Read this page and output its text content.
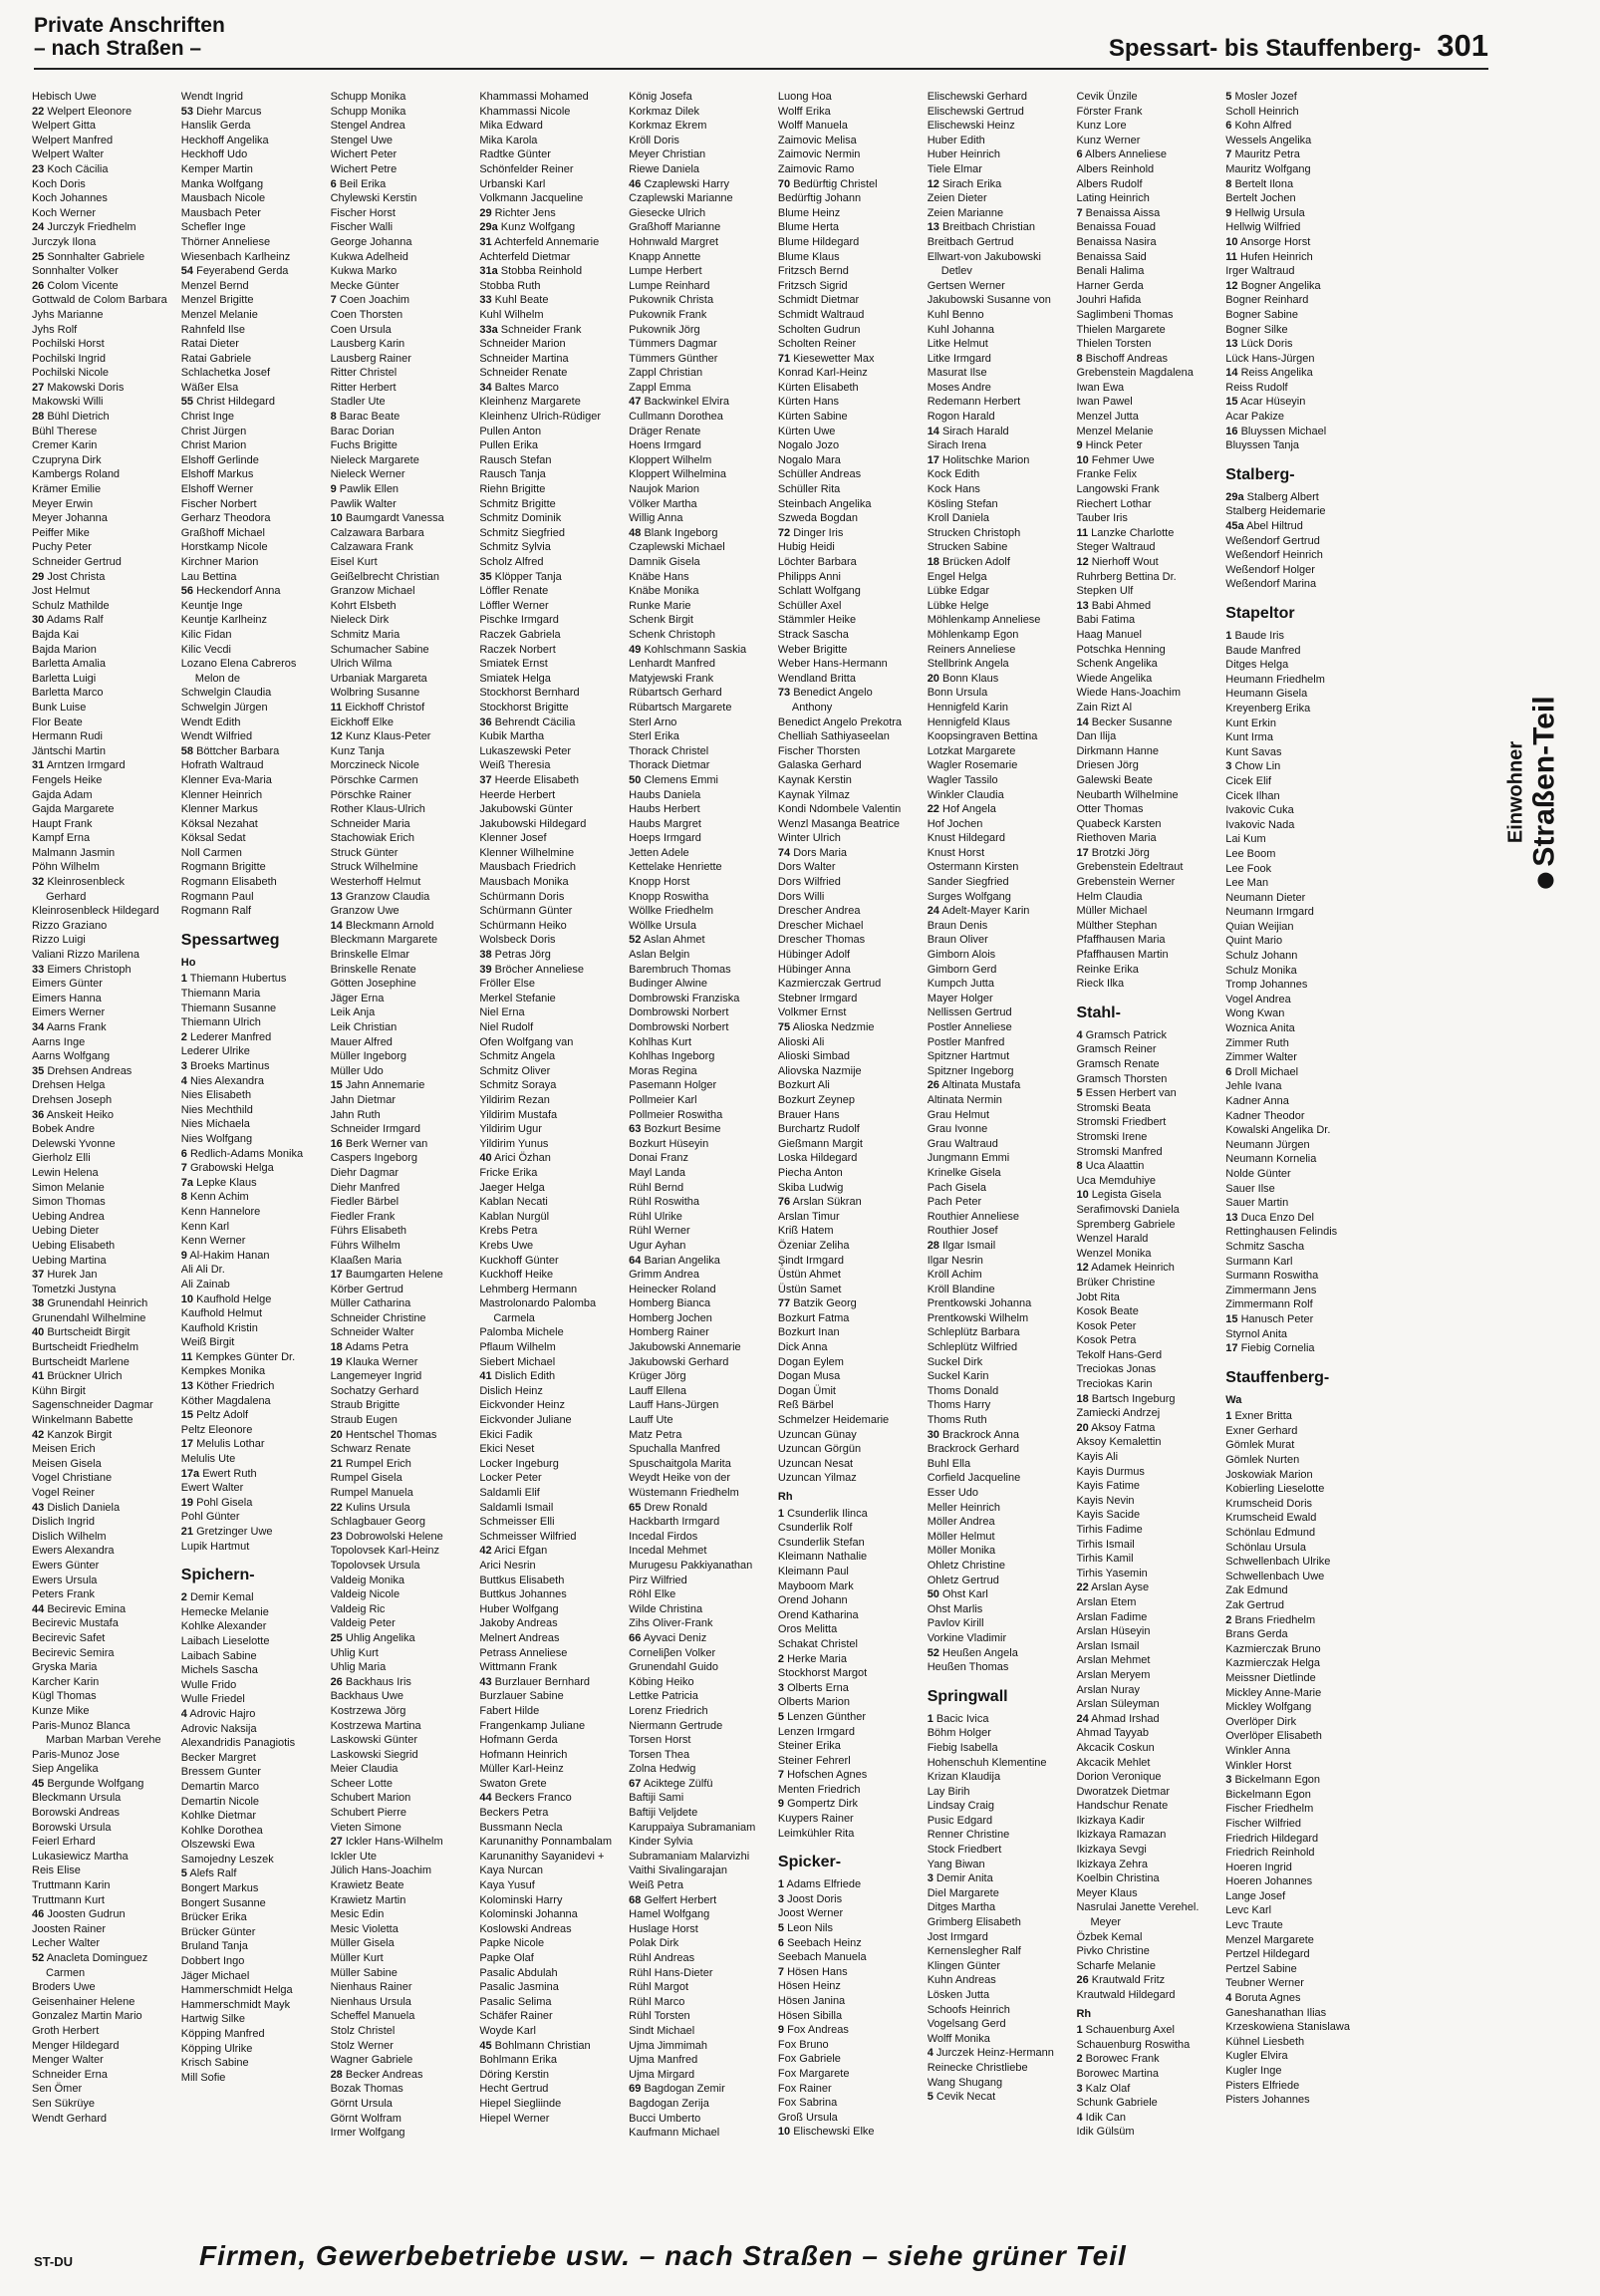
Private Anschriften
– nach Straßen –	Spessart- bis Stauffenberg- 301
Hebisch Uwe
22 Welpert Eleonore
Welpert Gitta
Welpert Manfred
Welpert Walter
23 Koch Cäcilia
Koch Doris
Koch Johannes
Koch Werner
24 Jurczyk Friedhelm
Jurczyk Ilona
25 Sonnhalter Gabriele
Sonnhalter Volker
26 Colom Vicente
Gottwald de Colom Barbara
Jyhs Marianne
Jyhs Rolf
Pochilski Horst
Pochilski Ingrid
Pochilski Nicole
27 Makowski Doris
Makowski Willi
28 Bühl Dietrich
Bühl Therese
Cremer Karin
Czupryna Dirk
Kambergs Roland
Krämer Emilie
Meyer Erwin
Meyer Johanna
Peiffer Mike
Puchy Peter
Schneider Gertrud
29 Jost Christa
Jost Helmut
Schulz Mathilde
30 Adams Ralf
Bajda Kai
Bajda Marion
Barletta Amalia
Barletta Luigi
Barletta Marco
Bunk Luise
Flor Beate
Hermann Rudi
Jäntschi Martin
31 Arntzen Irmgard
Fengels Heike
Gajda Adam
Gajda Margarete
Haupt Frank
Kampf Erna
Malmann Jasmin
Pöhn Wilhelm
32 Kleinrosenbleck
Gerhard
Kleinrosenbleck Hildegard
Rizzo Graziano
Rizzo Luigi
Valiani Rizzo Marilena
33 Eimers Christoph
Eimers Günter
Eimers Hanna
Eimers Werner
34 Aarns Frank
Aarns Inge
Aarns Wolfgang
35 Drehsen Andreas
Drehsen Helga
Drehsen Joseph
36 Anskeit Heiko
Bobek Andre
Delewski Yvonne
Gierholz Elli
Lewin Helena
Simon Melanie
Simon Thomas
Uebing Andrea
Uebing Dieter
Uebing Elisabeth
Uebing Martina
37 Hurek Jan
Tometzki Justyna
38 Grunendahl Heinrich
Grunendahl Wilhelmine
40 Burtscheidt Birgit
Burtscheidt Friedhelm
Burtscheidt Marlene
41 Brückner Ulrich
Kühn Birgit
Sagenschneider Dagmar
Winkelmann Babette
42 Kanzok Birgit
Meisen Erich
Meisen Gisela
Vogel Christiane
Vogel Reiner
43 Dislich Daniela
Dislich Ingrid
Dislich Wilhelm
Ewers Alexandra
Ewers Günter
Ewers Ursula
Peters Frank
44 Becirevic Emina
Becirevic Mustafa
Becirevic Safet
Becirevic Semira
Gryska Maria
Karcher Karin
Kügl Thomas
Kunze Mike
Paris-Munoz Blanca
Marban Marban Verehe
Paris-Munoz Jose
Siep Angelika
45 Bergunde Wolfgang
Bleckmann Ursula
Borowski Andreas
Borowski Ursula
Feierl Erhard
Lukasiewicz Martha
Reis Elise
Truttmann Karin
Truttmann Kurt
46 Joosten Gudrun
Joosten Rainer
Lecher Walter
52 Anacleta Dominguez
Carmen
Broders Uwe
Geisenhainer Helene
Gonzalez Martin Mario
Groth Herbert
Menger Hildegard
Menger Walter
Schneider Erna
Sen Ömer
Sen Sükrüye
Wendt Gerhard
Wendt Ingrid
53 Diehr Marcus
Hanslik Gerda
Heckhoff Angelika
Heckhoff Udo
Kemper Martin
Manka Wolfgang
Mausbach Nicole
Mausbach Peter
Schefler Inge
Thörner Anneliese
Wiesenbach Karlheinz
54 Feyerabend Gerda
Menzel Bernd
Menzel Brigitte
Menzel Melanie
Rahnfeld Ilse
Ratai Dieter
Ratai Gabriele
Schlachetka Josef
Wäßer Elsa
55 Christ Hildegard
Christ Inge
Christ Jürgen
Christ Marion
Elshoff Gerlinde
Elshoff Markus
Elshoff Werner
Fischer Norbert
Gerharz Theodora
Graßhoff Michael
Horstkamp Nicole
Kirchner Marion
Lau Bettina
56 Heckendorf Anna
Keuntje Inge
Keuntje Karlheinz
Kilic Fidan
Kilic Vecdi
Lozano Elena Cabreros
Melon de
Schwelgin Claudia
Schwelgin Jürgen
Wendt Edith
Wendt Wilfried
58 Böttcher Barbara
Hofrath Waltraud
Klenner Eva-Maria
Klenner Heinrich
Klenner Markus
Köksal Nezahat
Köksal Sedat
Noll Carmen
Rogmann Brigitte
Rogmann Elisabeth
Rogmann Paul
Rogmann Ralf
Spessartweg
Ho
1 Thiemann Hubertus
Thiemann Maria
Thiemann Susanne
Thiemann Ulrich
2 Lederer Manfred
Lederer Ulrike
3 Broeks Martinus
4 Nies Alexandra
Nies Elisabeth
Nies Mechthild
Nies Michaela
Nies Wolfgang
6 Redlich-Adams Monika
7 Grabowski Helga
7a Lepke Klaus
8 Kenn Achim
Kenn Hannelore
Kenn Karl
Kenn Werner
9 Al-Hakim Hanan
Ali Ali Dr.
Ali Zainab
10 Kaufhold Helge
Kaufhold Helmut
Kaufhold Kristin
Weiß Birgit
11 Kempkes Günter Dr.
Kempkes Monika
13 Köther Friedrich
Köther Magdalena
15 Peltz Adolf
Peltz Eleonore
17 Melulis Lothar
Melulis Ute
17a Ewert Ruth
Ewert Walter
19 Pohl Gisela
Pohl Günter
21 Gretzinger Uwe
Lupik Hartmut
Spichern-
2 Demir Kemal
Hemecke Melanie
Kohlke Alexander
Laibach Lieselotte
Laibach Sabine
Michels Sascha
Wulle Frido
Wulle Friedel
4 Adrovic Hajro
Adrovic Naksija
Alexandridis Panagiotis
Becker Margret
Bressem Gunter
Demartin Marco
Demartin Nicole
Kohlke Dietmar
Kohlke Dorothea
Olszewski Ewa
Samojedny Leszek
5 Alefs Ralf
Bongert Markus
Bongert Susanne
Brücker Erika
Brücker Günter
Bruland Tanja
Dobbert Ingo
Jäger Michael
Hammerschmidt Helga
Hammerschmidt Mayk
Hartwig Silke
Köpping Manfred
Köpping Ulrike
Krisch Sabine
Mill Sofie
Schupp Monika
Schupp Monika
Stengel Andrea
Stengel Uwe
Wichert Peter
Wichert Petre
6 Beil Erika
Chylewski Kerstin
Fischer Horst
Fischer Walli
George Johanna
Kukwa Adelheid
Kukwa Marko
Mecke Günter
7 Coen Joachim
Coen Thorsten
Coen Ursula
Lausberg Karin
Lausberg Rainer
Ritter Christel
Ritter Herbert
Stadler Ute
8 Barac Beate
Barac Dorian
Fuchs Brigitte
Nieleck Margarete
Nieleck Werner
9 Pawlik Ellen
Pawlik Walter
10 Baumgardt Vanessa
Calzawara Barbara
Calzawara Frank
Eisel Kurt
Geißelbrecht Christian
Granzow Michael
Kohrt Elsbeth
Nieleck Dirk
Schmitz Maria
Schumacher Sabine
Ulrich Wilma
Urbaniak Margareta
Wolbring Susanne
11 Eickhoff Christof
Eickhoff Elke
12 Kunz Klaus-Peter
Kunz Tanja
Morczineck Nicole
Pörschke Carmen
Pörschke Rainer
Rother Klaus-Ulrich
Schneider Maria
Stachowiak Erich
Struck Günter
Struck Wilhelmine
Westerhoff Helmut
13 Granzow Claudia
Granzow Uwe
14 Bleckmann Arnold
Bleckmann Margarete
Brinskelle Elmar
Brinskelle Renate
Götten Josephine
Jäger Erna
Leik Anja
Leik Christian
Mauer Alfred
Müller Ingeborg
Müller Udo
15 Jahn Annemarie
Jahn Dietmar
Jahn Ruth
Schneider Irmgard
16 Berk Werner van
Caspers Ingeborg
Diehr Dagmar
Diehr Manfred
Fiedler Bärbel
Fiedler Frank
Führs Elisabeth
Führs Wilhelm
Klaaßen Maria
17 Baumgarten Helene
Körber Gertrud
Müller Catharina
Schneider Christine
Schneider Walter
18 Adams Petra
19 Klauka Werner
Langemeyer Ingrid
Sochatzy Gerhard
Straub Brigitte
Straub Eugen
20 Hentschel Thomas
Schwarz Renate
21 Rumpel Erich
Rumpel Gisela
Rumpel Manuela
22 Kulins Ursula
Schlagbauer Georg
23 Dobrowolski Helene
Topolovsek Karl-Heinz
Topolovsek Ursula
Valdeig Monika
Valdeig Nicole
Valdeig Ric
Valdeig Peter
25 Uhlig Angelika
Uhlig Kurt
Uhlig Maria
26 Backhaus Iris
Backhaus Uwe
Kostrzewa Jörg
Kostrzewa Martina
Laskowski Günter
Laskowski Siegrid
Meier Claudia
Scheer Lotte
Schubert Marion
Schubert Pierre
Vieten Simone
27 Ickler Hans-Wilhelm
Ickler Ute
Jülich Hans-Joachim
Krawietz Beate
Krawietz Martin
Mesic Edin
Mesic Violetta
Müller Gisela
Müller Kurt
Müller Sabine
Nienhaus Rainer
Nienhaus Ursula
Scheffel Manuela
Stolz Christel
Stolz Werner
Wagner Gabriele
28 Becker Andreas
Bozak Thomas
Görnt Ursula
Görnt Wolfram
Irmer Wolfgang
Khammassi Mohamed
Khammassi Nicole
Mika Edward
Mika Karola
Radtke Günter
Schönfelder Reiner
Urbanski Karl
Volkmann Jacqueline
29 Richter Jens
29a Kunz Wolfgang
31 Achterfeld Annemarie
Achterfeld Dietmar
31a Stobba Reinhold
Stobba Ruth
33 Kuhl Beate
Kuhl Wilhelm
33a Schneider Frank
Schneider Marion
Schneider Martina
Schneider Renate
34 Baltes Marco
Kleinhenz Margarete
Kleinhenz Ulrich-Rüdiger
Pullen Anton
Pullen Erika
Rausch Stefan
Rausch Tanja
Riehn Brigitte
Schmitz Brigitte
Schmitz Dominik
Schmitz Siegfried
Schmitz Sylvia
Scholz Alfred
35 Klöpper Tanja
Löffler Renate
Löffler Werner
Pischke Irmgard
Raczek Gabriela
Raczek Norbert
Smiatek Ernst
Smiatek Helga
Stockhorst Bernhard
Stockhorst Brigitte
36 Behrendt Cäcilia
Kubik Martha
Lukaszewski Peter
Weiß Theresia
37 Heerde Elisabeth
Heerde Herbert
Jakubowski Günter
Jakubowski Hildegard
Klenner Josef
Klenner Wilhelmine
Mausbach Friedrich
Mausbach Monika
Schürmann Doris
Schürmann Günter
Schürmann Heiko
Wolsbeck Doris
38 Petras Jörg
39 Bröcher Anneliese
Fröller Else
Merkel Stefanie
Niel Erna
Niel Rudolf
Ofen Wolfgang van
Schmitz Angela
Schmitz Oliver
Schmitz Soraya
Yildirim Rezan
Yildirim Mustafa
Yildirim Ugur
Yildirim Yunus
40 Arici Özhan
Fricke Erika
Jaeger Helga
Kablan Necati
Kablan Nurgül
Krebs Petra
Krebs Uwe
Kuckhoff Günter
Kuckhoff Heike
Lehmberg Hermann
Mastrolonardo Palomba
Carmela
Palomba Michele
Pflaum Wilhelm
Siebert Michael
41 Dislich Edith
Dislich Heinz
Eickvonder Heinz
Eickvonder Juliane
Ekici Fadik
Ekici Neset
Locker Ingeburg
Locker Peter
Saldamli Elif
Saldamli Ismail
Schmeisser Elli
Schmeisser Wilfried
42 Arici Efgan
Arici Nesrin
Buttkus Elisabeth
Buttkus Johannes
Huber Wolfgang
Jakoby Andreas
Melnert Andreas
Petrass Anneliese
Wittmann Frank
43 Burzlauer Bernhard
Burzlauer Sabine
Fabert Hilde
Frangenkamp Juliane
Hofmann Gerda
Hofmann Heinrich
Müller Karl-Heinz
Swaton Grete
44 Beckers Franco
Beckers Petra
Bussmann Necla
Karunanithy Ponnambalam
Karunanithy Sayanidevi +
Kaya Nurcan
Kaya Yusuf
Kolominski Harry
Kolominski Johanna
Koslowski Andreas
Papke Nicole
Papke Olaf
Pasalic Abdulah
Pasalic Jasmina
Pasalic Selima
Schäfer Rainer
Woyde Karl
45 Bohlmann Christian
Bohlmann Erika
Döring Kerstin
Hecht Gertrud
Hiepel Siegliinde
Hiepel Werner
König Josefa
Korkmaz Dilek
Korkmaz Ekrem
Kröll Doris
Meyer Christian
Riewe Daniela
46 Czaplewski Harry
Czaplewski Marianne
Giesecke Ulrich
Graßhoff Marianne
Hohnwald Margret
Knapp Annette
Lumpe Herbert
Lumpe Reinhard
Pukownik Christa
Pukownik Frank
Pukownik Jörg
Tümmers Dagmar
Tümmers Günther
Zappl Christian
Zappl Emma
47 Backwinkel Elvira
Cullmann Dorothea
Dräger Renate
Hoens Irmgard
Kloppert Wilhelm
Kloppert Wilhelmina
Naujok Marion
Völker Martha
Willig Anna
48 Blank Ingeborg
Czaplewski Michael
Damnik Gisela
Knäbe Hans
Knäbe Monika
Runke Marie
Schenk Birgit
Schenk Christoph
49 Kohlschmann Saskia
Lenhardt Manfred
Matyjewski Frank
Rübartsch Gerhard
Rübartsch Margarete
Sterl Arno
Sterl Erika
Thorack Christel
Thorack Dietmar
50 Clemens Emmi
Haubs Daniela
Haubs Herbert
Haubs Margret
Hoeps Irmgard
Jetten Adele
Kettelake Henriette
Knopp Horst
Knopp Roswitha
Wöllke Friedhelm
Wöllke Ursula
52 Aslan Ahmet
Aslan Belgin
Barembruch Thomas
Budinger Alwine
Dombrowski Franziska
Dombrowski Norbert
Dombrowski Norbert
Kohlhas Kurt
Kohlhas Ingeborg
Moras Regina
Pasemann Holger
Pollmeier Karl
Pollmeier Roswitha
63 Bozkurt Besime
Bozkurt Hüseyin
Donai Franz
Mayl Landa
Rühl Bernd
Rühl Roswitha
Rühl Ulrike
Rühl Werner
Ugur Ayhan
64 Barian Angelika
Grimm Andrea
Heinecker Roland
Homberg Bianca
Homberg Jochen
Homberg Rainer
Jakubowski Annemarie
Jakubowski Gerhard
Krüger Jörg
Lauff Ellena
Lauff Hans-Jürgen
Lauff Ute
Matz Petra
Spuchalla Manfred
Spuschaitgola Marita
Weydt Heike von der
Wüstemann Friedhelm
65 Drew Ronald
Hackbarth Irmgard
Incedal Firdos
Incedal Mehmet
Murugesu Pakkiyanathan
Pirz Wilfried
Röhl Elke
Wilde Christina
Zihs Oliver-Frank
66 Ayvaci Deniz
Corneliβen Volker
Grunendahl Guido
Köbing Heiko
Lettke Patricia
Lorenz Friedrich
Niermann Gertrude
Torsen Horst
Torsen Thea
Zolna Hedwig
67 Aciktege Zülfü
Baftiji Sami
Baftiji Veljdete
Karuppaiya Subramaniam
Kinder Sylvia
Subramaniam Malarvizhi
Vaithi Sivalingarajan
Weiß Petra
68 Gelfert Herbert
Hamel Wolfgang
Huslage Horst
Polak Dirk
Rühl Andreas
Rühl Hans-Dieter
Rühl Margot
Rühl Marco
Rühl Torsten
Sindt Michael
Ujma Jimmimah
Ujma Manfred
Ujma Mirgard
69 Bagdogan Zemir
Bagdogan Zerija
Bucci Umberto
Kaufmann Michael
Luong Hoa
Wolff Erika
Wolff Manuela
Zaimovic Melisa
Zaimovic Nermin
Zaimovic Ramo
70 Bedürftig Christel
Bedürftig Johann
Blume Heinz
Blume Herta
Blume Hildegard
Blume Klaus
Fritzsch Bernd
Fritzsch Sigrid
Schmidt Dietmar
Schmidt Waltraud
Scholten Gudrun
Scholten Reiner
71 Kiesewetter Max
Konrad Karl-Heinz
Kürten Elisabeth
Kürten Hans
Kürten Sabine
Kürten Uwe
Nogalo Jozo
Nogalo Mara
Schüller Andreas
Schüller Rita
Steinbach Angelika
Szweda Bogdan
72 Dinger Iris
Hubig Heidi
Löchter Barbara
Philipps Anni
Schlatt Wolfgang
Schüller Axel
Stämmler Heike
Strack Sascha
Weber Brigitte
Weber Hans-Hermann
Wendland Britta
73 Benedict Angelo
Anthony
Benedict Angelo Prekotra
Chelliah Sathiyaseelan
Fischer Thorsten
Galaska Gerhard
Kaynak Kerstin
Kaynak Yilmaz
Kondi Ndombele Valentin
Wenzl Masanga Beatrice
Winter Ulrich
74 Dors Maria
Dors Walter
Dors Wilfried
Dors Willi
Drescher Andrea
Drescher Michael
Drescher Thomas
Hübinger Adolf
Hübinger Anna
Kazmierczak Gertrud
Stebner Irmgard
Volkmer Ernst
75 Alioska Nedzmie
Alioski Ali
Alioski Simbad
Aliovska Nazmije
Bozkurt Ali
Bozkurt Zeynep
Brauer Hans
Burchartz Rudolf
Gießmann Margit
Loska Hildegard
Piecha Anton
Skiba Ludwig
76 Arslan Sükran
Arslan Timur
Kriß Hatem
Özeniar Zeliha
Şindt Irmgard
Üstün Ahmet
Üstün Samet
77 Batzik Georg
Bozkurt Fatma
Bozkurt Inan
Dick Anna
Dogan Eylem
Dogan Musa
Dogan Ümit
Reß Bärbel
Schmelzer Heidemarie
Uzuncan Günay
Uzuncan Görgün
Uzuncan Nesat
Uzuncan Yilmaz
Rh
1 Csunderlik Ilinca
Csunderlik Rolf
Csunderlik Stefan
Kleimann Nathalie
Kleimann Paul
Mayboom Mark
Orend Johann
Orend Katharina
Oros Melitta
Schakat Christel
2 Herke Maria
Stockhorst Margot
3 Olberts Erna
Olberts Marion
5 Lenzen Günther
Lenzen Irmgard
Steiner Erika
Steiner Fehrerl
7 Hofschen Agnes
Menten Friedrich
9 Gompertz Dirk
Kuypers Rainer
Leimkühler Rita
Spicker-
1 Adams Elfriede
3 Joost Doris
Joost Werner
5 Leon Nils
6 Seebach Heinz
Seebach Manuela
7 Hösen Hans
Hösen Heinz
Hösen Janina
Hösen Sibilla
9 Fox Andreas
Fox Bruno
Fox Gabriele
Fox Margarete
Fox Rainer
Fox Sabrina
Groß Ursula
10 Elischewski Elke
Elischewski Gerhard
Elischewski Gertrud
Elischewski Heinz
Huber Edith
Huber Heinrich
Tiele Elmar
12 Sirach Erika
Zeien Dieter
Zeien Marianne
13 Breitbach Christian
Breitbach Gertrud
Ellwart-von Jakubowski
Detlev
Gertsen Werner
Jakubowski Susanne von
Kuhl Benno
Kuhl Johanna
Litke Helmut
Litke Irmgard
Masurat Ilse
Moses Andre
Redemann Herbert
Rogon Harald
14 Sirach Harald
Sirach Irena
17 Holitschke Marion
Kock Edith
Kock Hans
Kösling Stefan
Kroll Daniela
Strucken Christoph
Strucken Sabine
18 Brücken Adolf
Engel Helga
Lübke Edgar
Lübke Helge
Möhlenkamp Anneliese
Möhlenkamp Egon
Reiners Anneliese
Stellbrink Angela
20 Bonn Klaus
Bonn Ursula
Hennigfeld Karin
Hennigfeld Klaus
Koopsingraven Bettina
Lotzkat Margarete
Wagler Rosemarie
Wagler Tassilo
Winkler Claudia
22 Hof Angela
Hof Jochen
Knust Hildegard
Knust Horst
Ostermann Kirsten
Sander Siegfried
Surges Wolfgang
24 Adelt-Mayer Karin
Braun Denis
Braun Oliver
Gimborn Alois
Gimborn Gerd
Kumpch Jutta
Mayer Holger
Nellissen Gertrud
Postler Anneliese
Postler Manfred
Spitzner Hartmut
Spitzner Ingeborg
26 Altinata Mustafa
Altinata Nermin
Grau Helmut
Grau Ivonne
Grau Waltraud
Jungmann Emmi
Krinelke Gisela
Pach Gisela
Pach Peter
Routhier Anneliese
Routhier Josef
28 Ilgar Ismail
Ilgar Nesrin
Kröll Achim
Kröll Blandine
Prentkowski Johanna
Prentkowski Wilhelm
Schleplütz Barbara
Schleplütz Wilfried
Suckel Dirk
Suckel Karin
Thoms Donald
Thoms Harry
Thoms Ruth
30 Brackrock Anna
Brackrock Gerhard
Buhl Ella
Corfield Jacqueline
Esser Udo
Meller Heinrich
Möller Andrea
Möller Helmut
Möller Monika
Ohletz Christine
Ohletz Gertrud
50 Ohst Karl
Ohst Marlis
Pavlov Kirill
Vorkine Vladimir
52 Heußen Angela
Heußen Thomas
Springwall
1 Bacic Ivica
Böhm Holger
Fiebig Isabella
Hohenschuh Klementine
Krizan Klaudija
Lay Birih
Lindsay Craig
Pusic Edgard
Renner Christine
Stock Friedbert
Yang Biwan
3 Demir Anita
Diel Margarete
Ditges Martha
Grimberg Elisabeth
Jost Irmgard
Kernenslegher Ralf
Klingen Günter
Kuhn Andreas
Lösken Jutta
Schoofs Heinrich
Vogelsang Gerd
Wolff Monika
4 Jurczek Heinz-Hermann
Reinecke Christliebe
Wang Shugang
5 Cevik Necat
Cevik Ünzile
Förster Frank
Kunz Lore
Kunz Werner
6 Albers Anneliese
Albers Reinhold
Albers Rudolf
Lating Heinrich
7 Benaissa Aissa
Benaissa Fouad
Benaissa Nasira
Benaissa Said
Benali Halima
Harner Gerda
Jouhri Hafida
Saglimbeni Thomas
Thielen Margarete
Thielen Torsten
8 Bischoff Andreas
Grebenstein Magdalena
Iwan Ewa
Iwan Pawel
Menzel Jutta
Menzel Melanie
9 Hinck Peter
10 Fehmer Uwe
Franke Felix
Langowski Frank
Riechert Lothar
Tauber Iris
11 Lanzke Charlotte
Steger Waltraud
12 Nierhoff Wout
Ruhrberg Bettina Dr.
Stepken Ulf
13 Babi Ahmed
Babi Fatima
Haag Manuel
Potschka Henning
Schenk Angelika
Wiede Angelika
Wiede Hans-Joachim
Zain Rizt Al
14 Becker Susanne
Dan Ilija
Dirkmann Hanne
Driesen Jörg
Galewski Beate
Neubarth Wilhelmine
Otter Thomas
Quabeck Karsten
Riethoven Maria
17 Brotzki Jörg
Grebenstein Edeltraut
Grebenstein Werner
Helm Claudia
Müller Michael
Mülther Stephan
Pfaffhausen Maria
Pfaffhausen Martin
Reinke Erika
Rieck Ilka
Stahl-
4 Gramsch Patrick
Gramsch Reiner
Gramsch Renate
Gramsch Thorsten
5 Essen Herbert van
Stromski Beata
Stromski Friedbert
Stromski Irene
Stromski Manfred
8 Uca Alaattin
Uca Memduhiye
10 Legista Gisela
Serafimovski Daniela
Spremberg Gabriele
Wenzel Harald
Wenzel Monika
12 Adamek Heinrich
Brüker Christine
Jobt Rita
Kosok Beate
Kosok Peter
Kosok Petra
Tekolf Hans-Gerd
Treciokas Jonas
Treciokas Karin
18 Bartsch Ingeburg
Zamiecki Andrzej
20 Aksoy Fatma
Aksoy Kemalettin
Kayis Ali
Kayis Durmus
Kayis Fatime
Kayis Nevin
Kayis Sacide
Tirhis Fadime
Tirhis Ismail
Tirhis Kamil
Tirhis Yasemin
22 Arslan Ayse
Arslan Etem
Arslan Fadime
Arslan Hüseyin
Arslan Ismail
Arslan Mehmet
Arslan Meryem
Arslan Nuray
Arslan Süleyman
24 Ahmad Irshad
Ahmad Tayyab
Akcacik Coskun
Akcacik Mehlet
Dorion Veronique
Dworatzek Dietmar
Handschur Renate
Ikizkaya Kadir
Ikizkaya Ramazan
Ikizkaya Sevgi
Ikizkaya Zehra
Koelbin Christina
Meyer Klaus
Nasrulai Janette Verehel.
Meyer
Özbek Kemal
Pivko Christine
Scharfe Melanie
26 Krautwald Fritz
Krautwald Hildegard
Rh
1 Schauenburg Axel
Schauenburg Roswitha
2 Borowec Frank
Borowec Martina
3 Kalz Olaf
Schunk Gabriele
4 Idik Can
Idik Gülsüm
5 Mosler Jozef
Scholl Heinrich
6 Kohn Alfred
Wessels Angelika
7 Mauritz Petra
Mauritz Wolfgang
8 Bertelt Ilona
Bertelt Jochen
9 Hellwig Ursula
Hellwig Wilfried
10 Ansorge Horst
11 Hufen Heinrich
Irger Waltraud
12 Bogner Angelika
Bogner Reinhard
Bogner Sabine
Bogner Silke
13 Lück Doris
Lück Hans-Jürgen
14 Reiss Angelika
Reiss Rudolf
15 Acar Hüseyin
Acar Pakize
16 Bluyssen Michael
Bluyssen Tanja
Stalberg-
29a Stalberg Albert
Stalberg Heidemarie
45a Abel Hiltrud
Weßendorf Gertrud
Weßendorf Heinrich
Weßendorf Holger
Weßendorf Marina
Stapeltor
1 Baude Iris
Baude Manfred
Ditges Helga
Heumann Friedhelm
Heumann Gisela
Kreyenberg Erika
Kunt Erkin
Kunt Irma
Kunt Savas
3 Chow Lin
Cicek Elif
Cicek Ilhan
Ivakovic Cuka
Ivakovic Nada
Lai Kum
Lee Boom
Lee Fook
Lee Man
Neumann Dieter
Neumann Irmgard
Quian Weijian
Quint Mario
Schulz Johann
Schulz Monika
Tromp Johannes
Vogel Andrea
Wong Kwan
Woznica Anita
Zimmer Ruth
Zimmer Walter
6 Droll Michael
Jehle Ivana
Kadner Anna
Kadner Theodor
Kowalski Angelika Dr.
Neumann Jürgen
Neumann Kornelia
Nolde Günter
Sauer Ilse
Sauer Martin
13 Duca Enzo Del
Rettinghausen Felindis
Schmitz Sascha
Surmann Karl
Surmann Roswitha
Zimmermann Jens
Zimmermann Rolf
15 Hanusch Peter
Styrnol Anita
17 Fiebig Cornelia
Stauffenberg-
Wa
1 Exner Britta
Exner Gerhard
Gömlek Murat
Gömlek Nurten
Joskowiak Marion
Kobierling Lieselotte
Krumscheid Doris
Krumscheid Ewald
Schönlau Edmund
Schönlau Ursula
Schwellenbach Ulrike
Schwellenbach Uwe
Zak Edmund
Zak Gertrud
2 Brans Friedhelm
Brans Gerda
Kazmierczak Bruno
Kazmierczak Helga
Meissner Dietlinde
Mickley Anne-Marie
Mickley Wolfgang
Overlöper Dirk
Overlöper Elisabeth
Winkler Anna
Winkler Horst
3 Bickelmann Egon
Bickelmann Egon
Fischer Friedhelm
Fischer Wilfried
Friedrich Hildegard
Friedrich Reinhold
Hoeren Ingrid
Hoeren Johannes
Lange Josef
Levc Karl
Levc Traute
Menzel Margarete
Pertzel Hildegard
Pertzel Sabine
Teubner Werner
4 Boruta Agnes
Ganeshanathan Ilias
Krzeskowiena Stanislawa
Kühnel Liesbeth
Kugler Elvira
Kugler Inge
Pisters Elfriede
Pisters Johannes
Einwohner Straßen-Teil
ST-DU	Firmen, Gewerbebetriebe usw. – nach Straßen – siehe grüner Teil
